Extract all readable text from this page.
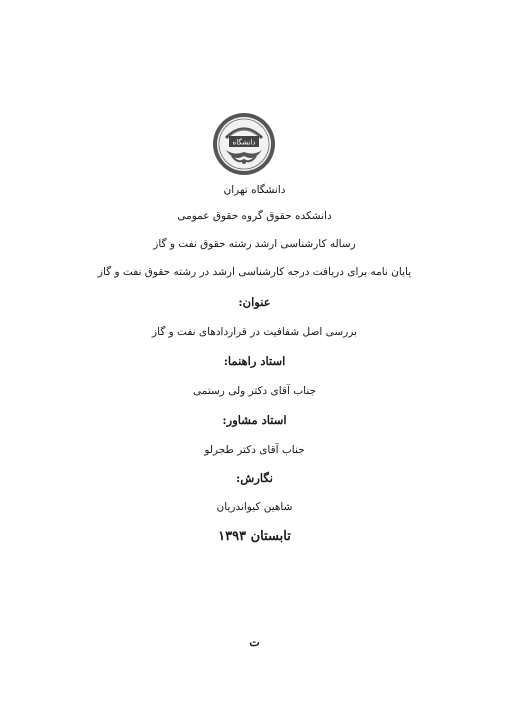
دانشگاه
دانشگاه تهران
دانشکده حقوق گروه حقوق عمومی
رساله کارشناسی ارشد رشته حقوق نفت و گاز
پایان نامه برای دریافت درجه کارشناسی ارشد در رشته حقوق نفت و گاز
عنوان:
بررسی اصل شفافیت در قراردادهای نفت و گاز
استاد راهنما:
جناب آقای دکتر ولی رستمی
استاد مشاور:
جناب آقای دکتر طجرلو
نگارش:
شاهین کیواندریان
تابستان ۱۳۹۳
ت
